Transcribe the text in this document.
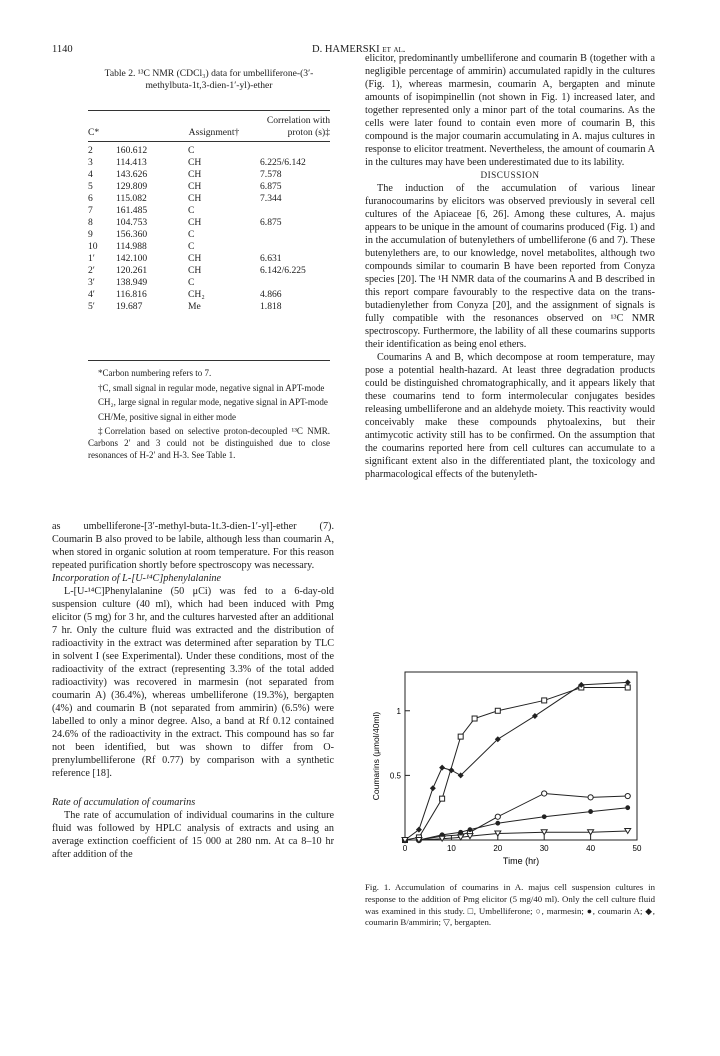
1140	D. HAMERSKI et al.
Table 2. ¹³C NMR (CDCl₃) data for umbelliferone-(3′-methylbuta-1t,3-dien-1′-yl)-ether
C*		Assignment†	Correlation with proton (s)‡
2	160.612	C	
3	114.413	CH	6.225/6.142
4	143.626	CH	7.578
5	129.809	CH	6.875
6	115.082	CH	7.344
7	161.485	C	
8	104.753	CH	6.875
9	156.360	C	
10	114.988	C	
1′	142.100	CH	6.631
2′	120.261	CH	6.142/6.225
3′	138.949	C	
4′	116.816	CH₂	4.866
5′	19.687	Me	1.818

*Carbon numbering refers to 7.

†C, small signal in regular mode, negative signal in APT-mode

CH₂, large signal in regular mode, negative signal in APT-mode

CH/Me, positive signal in either mode

‡Correlation based on selective proton-decoupled ¹³C NMR. Carbons 2′ and 3 could not be distinguished due to close resonances of H-2′ and H-3. See Table 1.

as umbelliferone-[3′-methyl-buta-1t.3-dien-1′-yl]-ether (7). Coumarin B also proved to be labile, although less than coumarin A, when stored in organic solution at room temperature. For this reason repeated purification shortly before spectroscopy was necessary.

Incorporation of L-[U-¹⁴C]phenylalanine

L-[U-¹⁴C]Phenylalanine (50 μCi) was fed to a 6-day-old suspension culture (40 ml), which had been induced with Pmg elicitor (5 mg) for 3 hr, and the cultures harvested after an additional 7 hr. Only the culture fluid was extracted and the distribution of radioactivity in the extract was determined after separation by TLC in solvent I (see Experimental). Under these conditions, most of the radioactivity of the extract (representing 3.3% of the total added radioactivity) was recovered in marmesin (not separated from coumarin A) (36.4%), whereas umbelliferone (19.3%), bergapten (4%) and coumarin B (not separated from ammirin) (6.5%) were labelled to only a minor degree. Also, a band at Rf 0.12 contained 24.6% of the radioactivity in the extract. This compound has so far not been identified, but was shown to differ from O-prenylumbelliferone (Rf 0.77) by comparison with a synthetic reference [18].

Rate of accumulation of coumarins

The rate of accumulation of individual coumarins in the culture fluid was followed by HPLC analysis of extracts and using an average extinction coefficient of 15 000 at 280 nm. At ca 8–10 hr after addition of the

elicitor, predominantly umbelliferone and coumarin B (together with a negligible percentage of ammirin) accumulated rapidly in the cultures (Fig. 1), whereas marmesin, coumarin A, bergapten and minute amounts of isopimpinellin (not shown in Fig. 1) increased later, and together represented only a minor part of the total coumarins. As the cells were later found to contain even more of coumarin B, this compound is the major coumarin accumulating in A. majus cultures in response to elicitor treatment. Nevertheless, the amount of coumarin A in the cultures may have been underestimated due to its lability.

DISCUSSION

The induction of the accumulation of various linear furanocoumarins by elicitors was observed previously in several cell cultures of the Apiaceae [6, 26]. Among these cultures, A. majus appears to be unique in the amount of coumarins produced (Fig. 1) and in the accumulation of butenylethers of umbelliferone (6 and 7). These butenylethers are, to our knowledge, novel metabolites, although two compounds similar to coumarin B have been reported from Conyza species [20]. The ¹H NMR data of the coumarins A and B described in this report compare favourably to the respective data on the trans-butadienylether from Conyza [20], and the assignment of signals is fully compatible with the resonances observed on ¹³C NMR spectroscopy. Furthermore, the lability of all these coumarins supports their identification as being enol ethers.

Coumarins A and B, which decompose at room temperature, may pose a potential health-hazard. At least three degradation products could be distinguished chromatographically, and it appears likely that these coumarins tend to form intermolecular conjugates besides releasing umbelliferone and an aldehyde moiety. This reactivity would conceivably make these compounds phytoalexins, but their antimycotic activity still has to be confirmed. On the assumption that the coumarins reported here from cell cultures can accumulate to a significant extent also in the differentiated plant, the toxicology and pharmacological effects of the butenyleth-

0	10	20	30	40	50
0.5
1
Time (hr)
Coumarins (μmol/40ml)
Fig. 1. Accumulation of coumarins in A. majus cell suspension cultures in response to the addition of Pmg elicitor (5 mg/40 ml). Only the cell culture fluid was examined in this study. □, Umbelliferone; ○, marmesin; ●, coumarin A; ◆, coumarin B/ammirin; ▽, bergapten.
